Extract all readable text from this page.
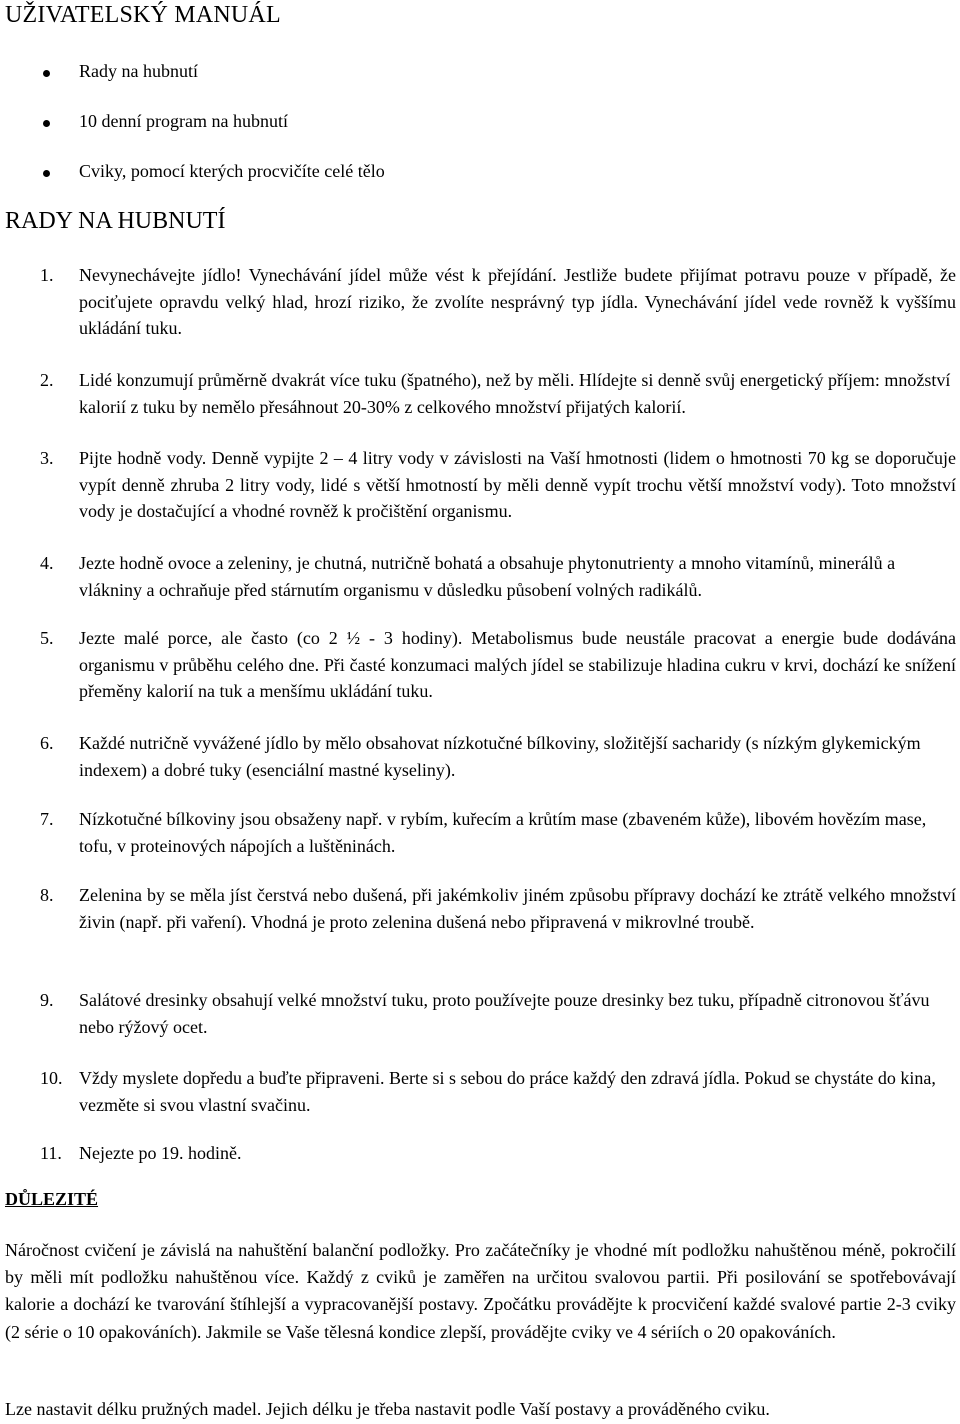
UŽIVATELSKÝ MANUÁL
Rady na hubnutí
10 denní program na hubnutí
Cviky, pomocí kterých procvičíte celé tělo
RADY NA HUBNUTÍ
1. Nevynechávejte jídlo! Vynechávání jídel může vést k přejídání. Jestliže budete přijímat potravu pouze v případě, že pociťujete opravdu velký hlad, hrozí riziko, že zvolíte nesprávný typ jídla. Vynechávání jídel vede rovněž k vyššímu ukládání tuku.
2. Lidé konzumují průměrně dvakrát více tuku (špatného), než by měli. Hlídejte si denně svůj energetický příjem: množství kalorií z tuku by nemělo přesáhnout 20-30% z celkového množství přijatých kalorií.
3. Pijte hodně vody. Denně vypijte 2 – 4 litry vody v závislosti na Vaší hmotnosti (lidem o hmotnosti 70 kg se doporučuje vypít denně zhruba 2 litry vody, lidé s větší hmotností by měli denně vypít trochu větší množství vody). Toto množství vody je dostačující a vhodné rovněž k pročištění organismu.
4. Jezte hodně ovoce a zeleniny, je chutná, nutričně bohatá a obsahuje phytonutrienty a mnoho vitamínů, minerálů a vlákniny a ochraňuje před stárnutím organismu v důsledku působení volných radikálů.
5. Jezte malé porce, ale často (co 2 ½ - 3 hodiny). Metabolismus bude neustále pracovat a energie bude dodávána organismu v průběhu celého dne. Při časté konzumaci malých jídel se stabilizuje hladina cukru v krvi, dochází ke snížení přeměny kalorií na tuk a menšímu ukládání tuku.
6. Každé nutričně vyvážené jídlo by mělo obsahovat nízkotučné bílkoviny, složitější sacharidy (s nízkým glykemickým indexem) a dobré tuky (esenciální mastné kyseliny).
7. Nízkotučné bílkoviny jsou obsaženy např. v rybím, kuřecím a krůtím mase (zbaveném kůže), libovém hovězím mase, tofu, v proteinových nápojích a luštěninách.
8. Zelenina by se měla jíst čerstvá nebo dušená, při jakémkoliv jiném způsobu přípravy dochází ke ztrátě velkého množství živin (např. při vaření). Vhodná je proto zelenina dušená nebo připravená v mikrovlné troubě.
9. Salátové dresinky obsahují velké množství tuku, proto používejte pouze dresinky bez tuku, případně citronovou šťávu nebo rýžový ocet.
10. Vždy myslete dopředu a buďte připraveni. Berte si s sebou do práce každý den zdravá jídla. Pokud se chystáte do kina, vezměte si svou vlastní svačinu.
11. Nejezte po 19. hodině.
DŮLEZITÉ

Náročnost cvičení je závislá na nahuštění balanční podložky. Pro začátečníky je vhodné mít podložku nahuštěnou méně, pokročilí by měli mít podložku nahuštěnou více. Každý z cviků je zaměřen na určitou svalovou partii. Při posilování se spotřebovávají kalorie a dochází ke tvarování štíhlejší a vypracovanější postavy. Zpočátku provádějte k procvičení každé svalové partie 2-3 cviky (2 série o 10 opakováních). Jakmile se Vaše tělesná kondice zlepší, provádějte cviky ve 4 sériích o 20 opakováních.

Lze nastavit délku pružných madel. Jejich délku je třeba nastavit podle Vaší postavy a prováděného cviku.
